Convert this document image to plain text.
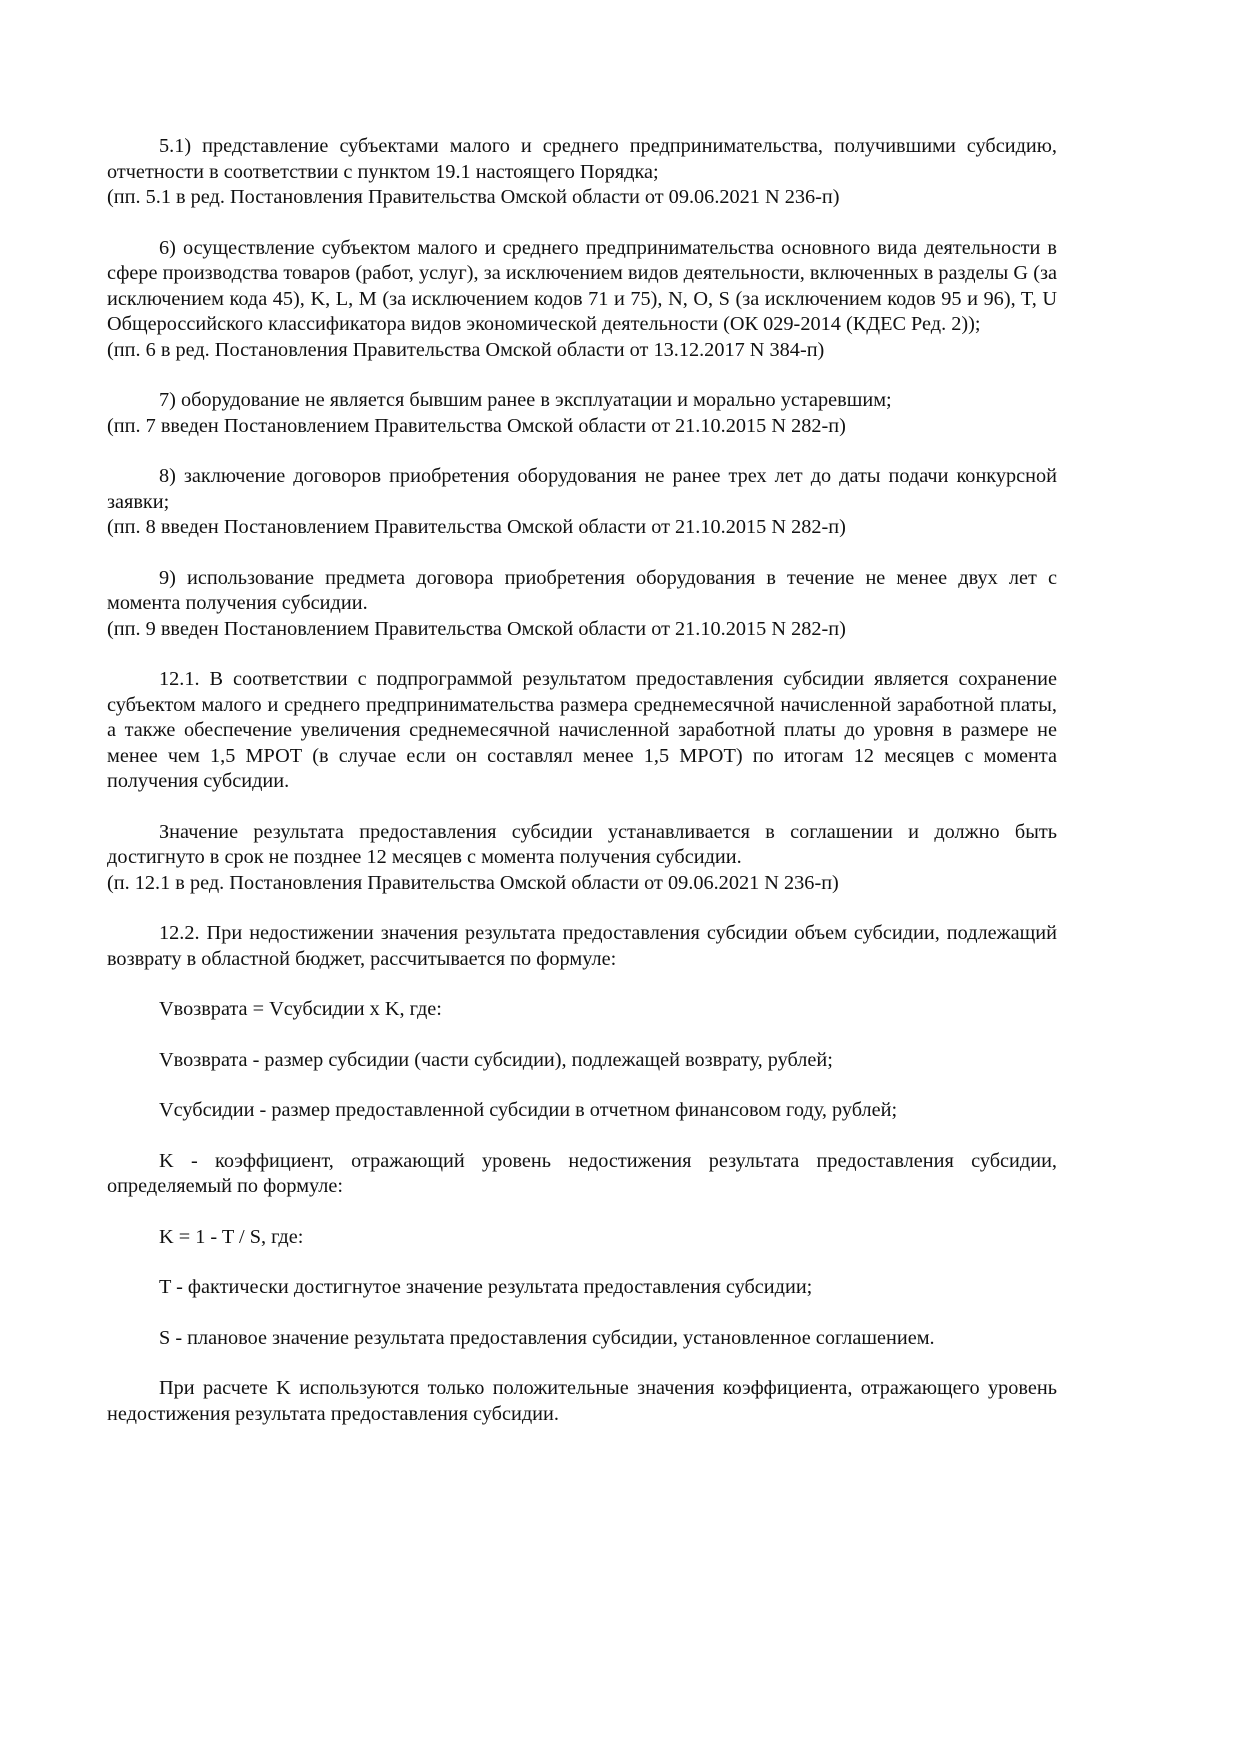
5.1) представление субъектами малого и среднего предпринимательства, получившими субсидию, отчетности в соответствии с пунктом 19.1 настоящего Порядка;

(пп. 5.1 в ред. Постановления Правительства Омской области от 09.06.2021 N 236-п)

6) осуществление субъектом малого и среднего предпринимательства основного вида деятельности в сфере производства товаров (работ, услуг), за исключением видов деятельности, включенных в разделы G (за исключением кода 45), K, L, M (за исключением кодов 71 и 75), N, O, S (за исключением кодов 95 и 96), T, U Общероссийского классификатора видов экономической деятельности (ОК 029-2014 (КДЕС Ред. 2));

(пп. 6 в ред. Постановления Правительства Омской области от 13.12.2017 N 384-п)

7) оборудование не является бывшим ранее в эксплуатации и морально устаревшим;

(пп. 7 введен Постановлением Правительства Омской области от 21.10.2015 N 282-п)

8) заключение договоров приобретения оборудования не ранее трех лет до даты подачи конкурсной заявки;

(пп. 8 введен Постановлением Правительства Омской области от 21.10.2015 N 282-п)

9) использование предмета договора приобретения оборудования в течение не менее двух лет с момента получения субсидии.

(пп. 9 введен Постановлением Правительства Омской области от 21.10.2015 N 282-п)

12.1. В соответствии с подпрограммой результатом предоставления субсидии является сохранение субъектом малого и среднего предпринимательства размера среднемесячной начисленной заработной платы, а также обеспечение увеличения среднемесячной начисленной заработной платы до уровня в размере не менее чем 1,5 МРОТ (в случае если он составлял менее 1,5 МРОТ) по итогам 12 месяцев с момента получения субсидии.

Значение результата предоставления субсидии устанавливается в соглашении и должно быть достигнуто в срок не позднее 12 месяцев с момента получения субсидии.

(п. 12.1 в ред. Постановления Правительства Омской области от 09.06.2021 N 236-п)

12.2. При недостижении значения результата предоставления субсидии объем субсидии, подлежащий возврату в областной бюджет, рассчитывается по формуле:

Vвозврата = Vсубсидии x K, где:

Vвозврата - размер субсидии (части субсидии), подлежащей возврату, рублей;

Vсубсидии - размер предоставленной субсидии в отчетном финансовом году, рублей;

K - коэффициент, отражающий уровень недостижения результата предоставления субсидии, определяемый по формуле:

K = 1 - T / S, где:

T - фактически достигнутое значение результата предоставления субсидии;

S - плановое значение результата предоставления субсидии, установленное соглашением.

При расчете K используются только положительные значения коэффициента, отражающего уровень недостижения результата предоставления субсидии.
